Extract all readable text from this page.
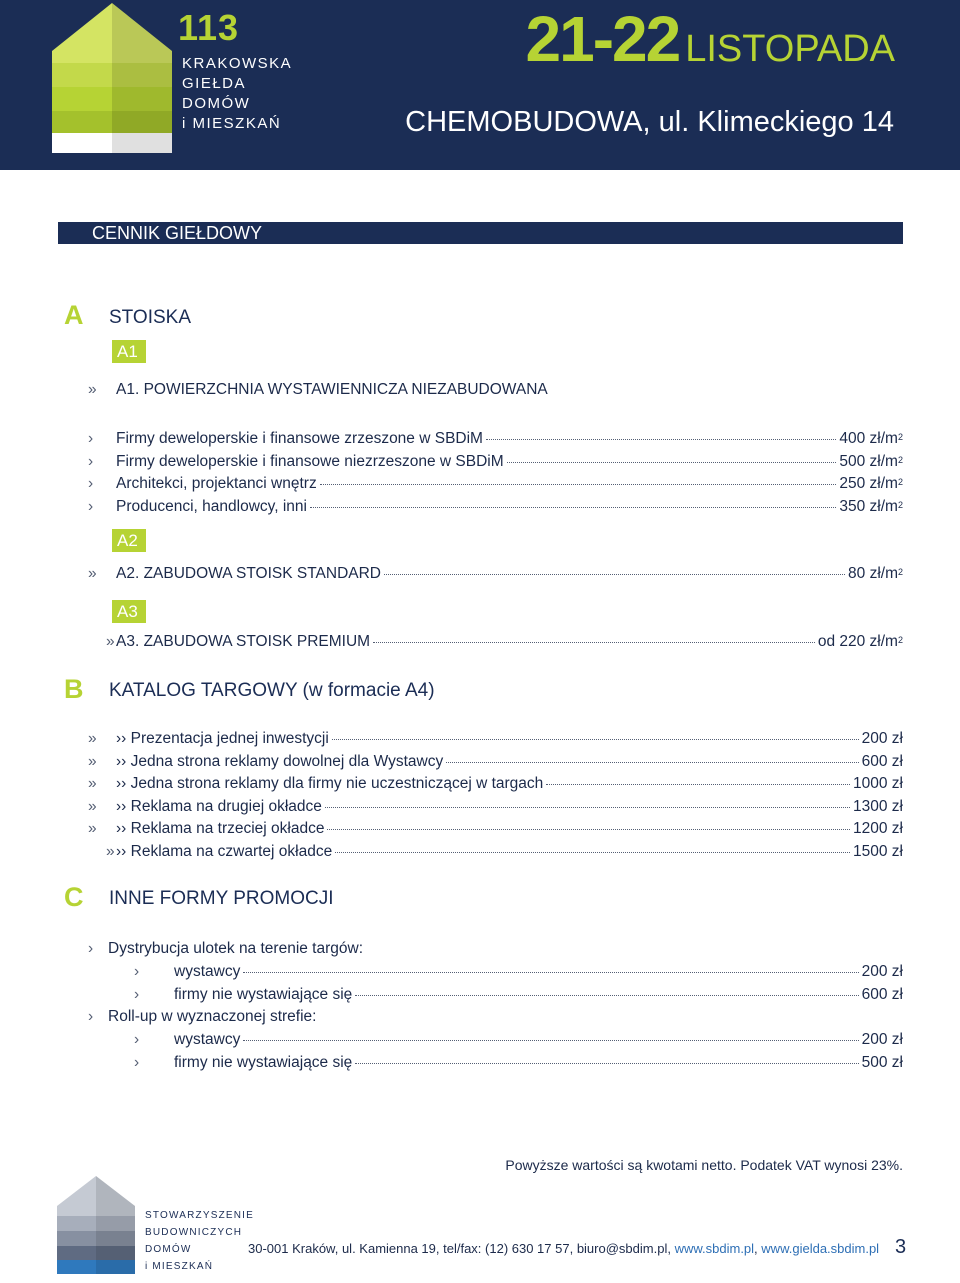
113
KRAKOWSKA
GIEŁDA
DOMÓW
i MIESZKAŃ
21-22 LISTOPADA
CHEMOBUDOWA, ul. Klimeckiego 14
CENNIK GIEŁDOWY
A STOISKA
A1
»	A1. POWIERZCHNIA WYSTAWIENNICZA NIEZABUDOWANA
›	Firmy deweloperskie i finansowe zrzeszone w SBDiM	400 $zł/m^2$
›	Firmy deweloperskie i finansowe niezrzeszone w SBDiM	500 $zł/m^2$
›	Architekci, projektanci wnętrz	250 $zł/m^2$
›	Producenci, handlowcy, inni	350 $zł/m^2$
A2
»	A2. ZABUDOWA STOISK STANDARD	80 $zł/m^2$
A3
» A3. ZABUDOWA STOISK PREMIUM	od 220 $zł/m^2$
B KATALOG TARGOWY (w formacie A4)
»	›› Prezentacja jednej inwestycji	200 zł
»	›› Jedna strona reklamy dowolnej dla Wystawcy	600 zł
»	›› Jedna strona reklamy dla firmy nie uczestniczącej w targach	1000 zł
»	›› Reklama na drugiej okładce	1300 zł
»	›› Reklama na trzeciej okładce	1200 zł
» ›› Reklama na czwartej okładce	1500 zł
C INNE FORMY PROMOCJI
› Dystrybucja ulotek na terenie targów:
›	wystawcy	200 zł
›	firmy nie wystawiające się	600 zł
› Roll-up w wyznaczonej strefie:
›	wystawcy	200 zł
›	firmy nie wystawiające się	500 zł
Powyższe wartości są kwotami netto. Podatek VAT wynosi 23%.
STOWARZYSZENIE
BUDOWNICZYCH
DOMÓW
i MIESZKAŃ
30-001 Kraków, ul. Kamienna 19, tel/fax: (12) 630 17 57, biuro@sbdim.pl, www.sbdim.pl, www.gielda.sbdim.pl 3
